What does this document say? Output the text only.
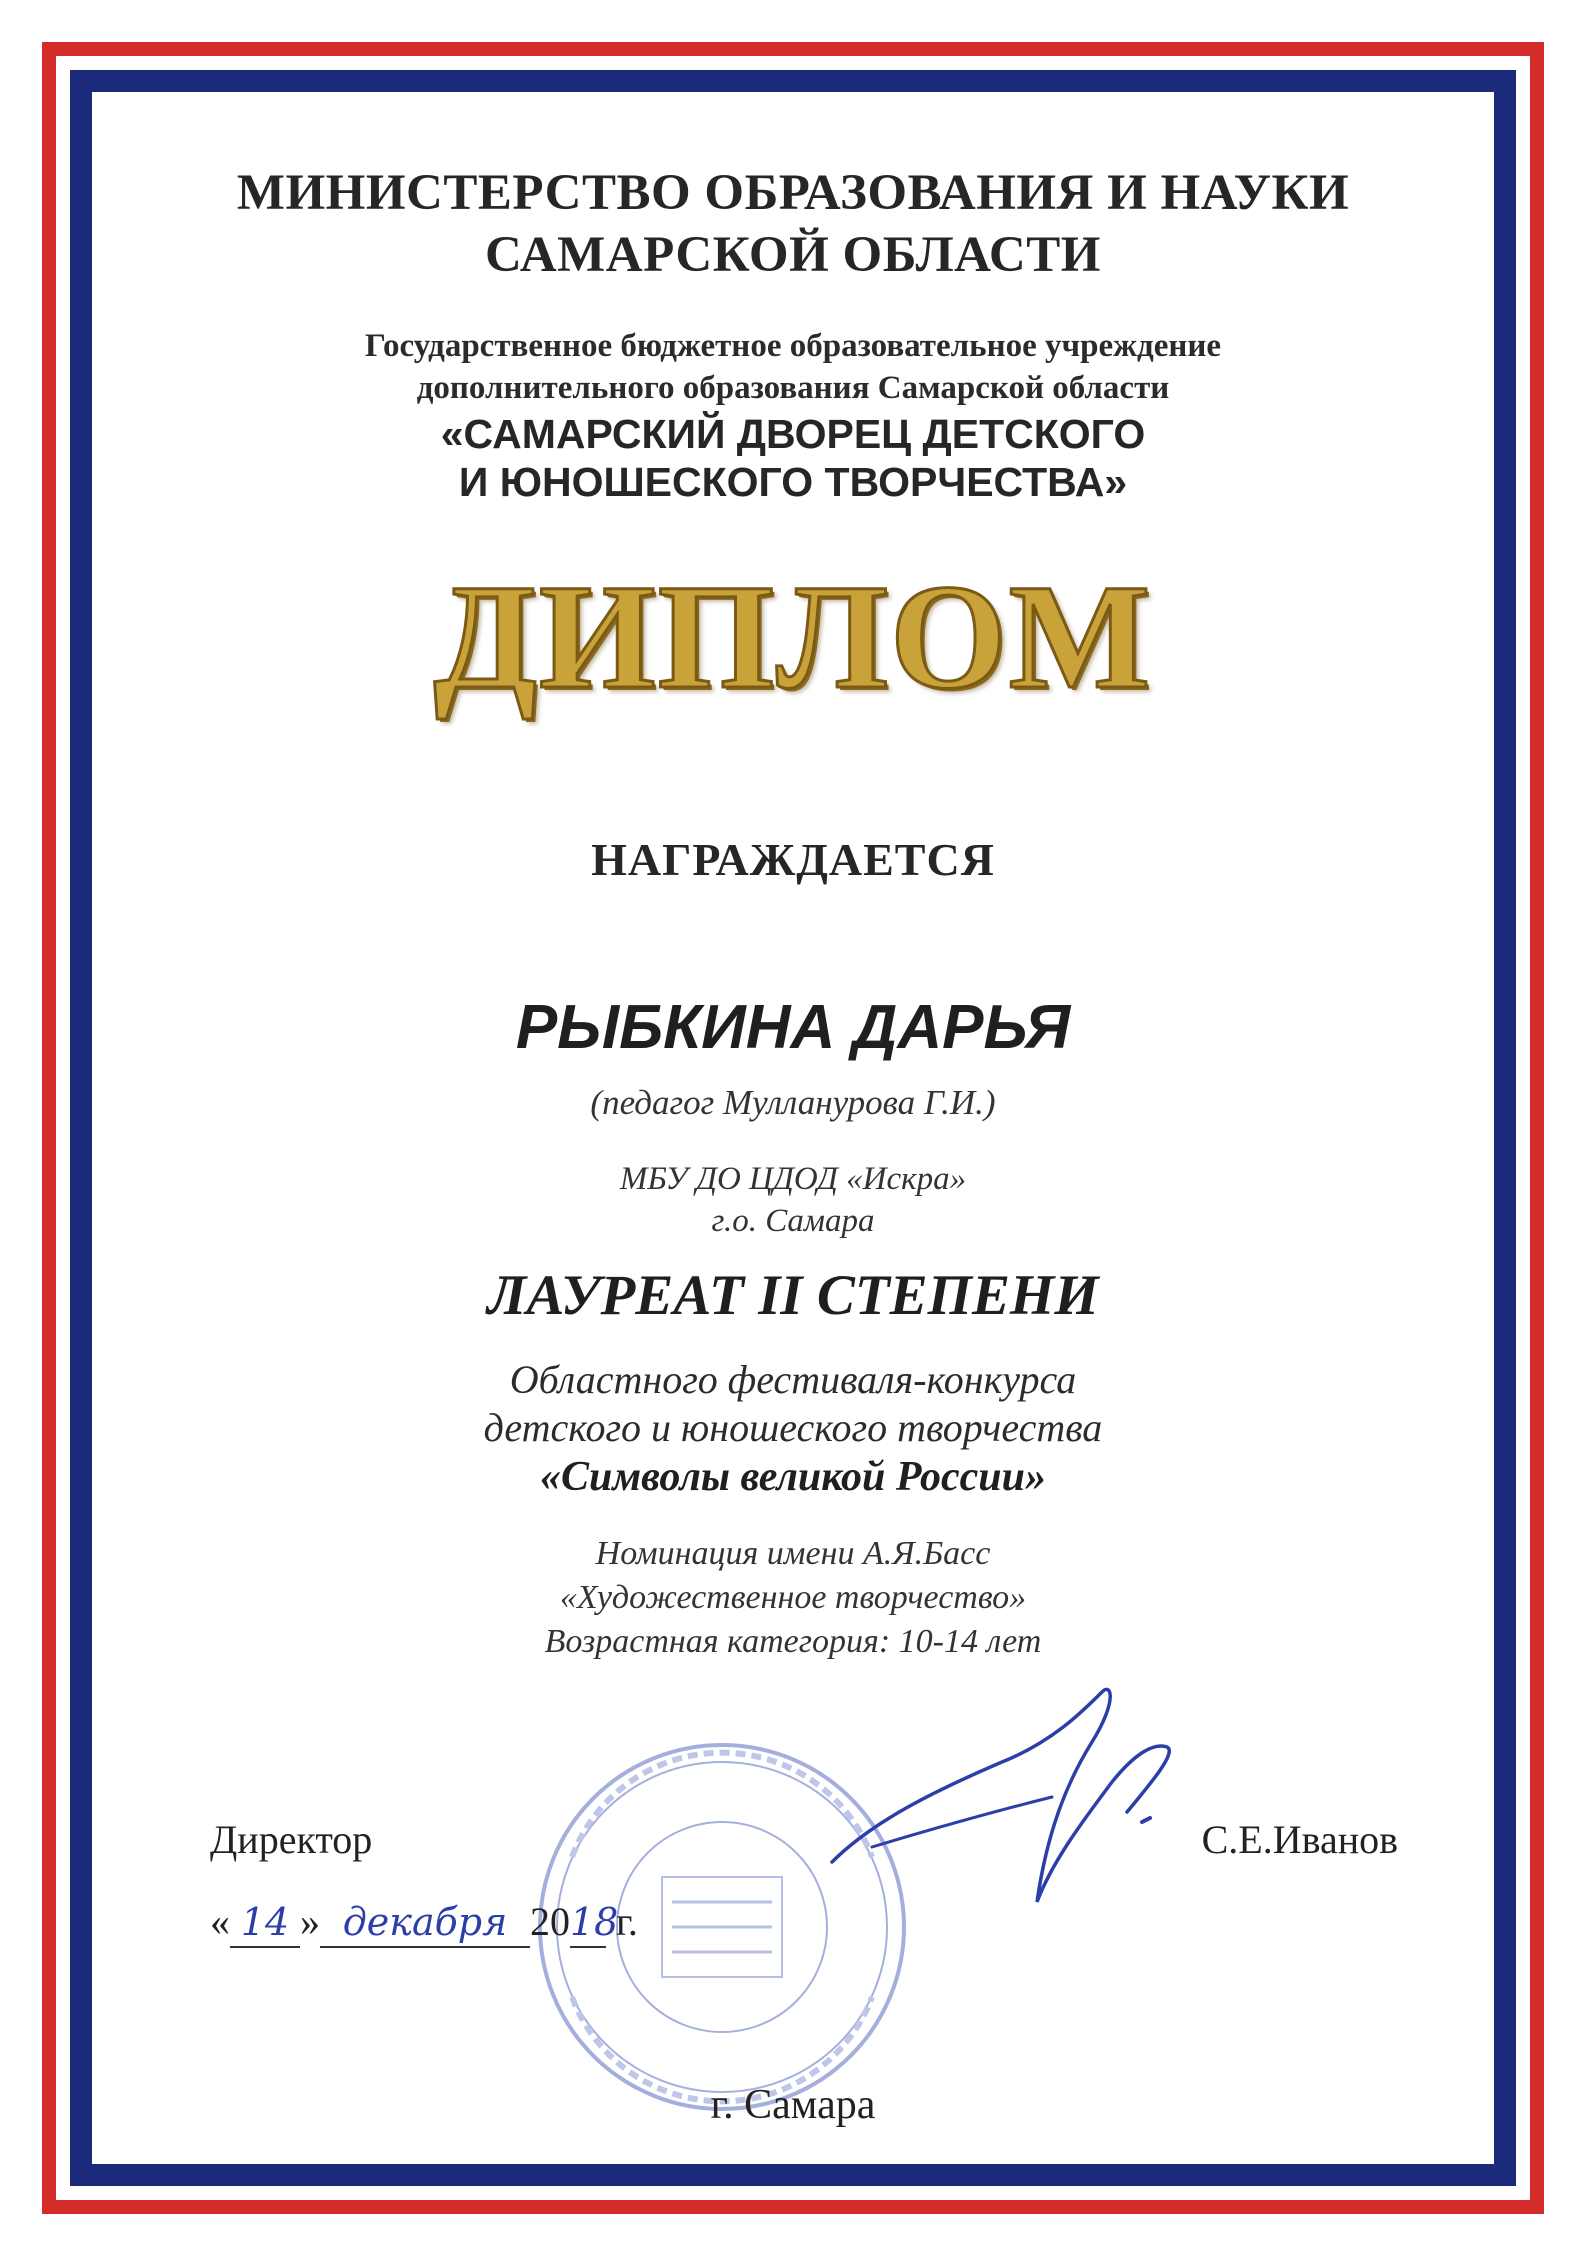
МИНИСТЕРСТВО ОБРАЗОВАНИЯ И НАУКИ
САМАРСКОЙ ОБЛАСТИ
Государственное бюджетное образовательное учреждение
дополнительного образования Самарской области
«САМАРСКИЙ ДВОРЕЦ ДЕТСКОГО
И ЮНОШЕСКОГО ТВОРЧЕСТВА»
ДИПЛОМ
НАГРАЖДАЕТСЯ
РЫБКИНА ДАРЬЯ
(педагог Мулланурова Г.И.)
МБУ ДО ЦДОД «Искра»
г.о. Самара
ЛАУРЕАТ II СТЕПЕНИ
Областного фестиваля-конкурса
детского и юношеского творчества
«Символы великой России»
Номинация имени А.Я.Басс
«Художественное творчество»
Возрастная категория: 10-14 лет
Директор	С.Е.Иванов
« 14 » декабря 2018 г.
г. Самара
